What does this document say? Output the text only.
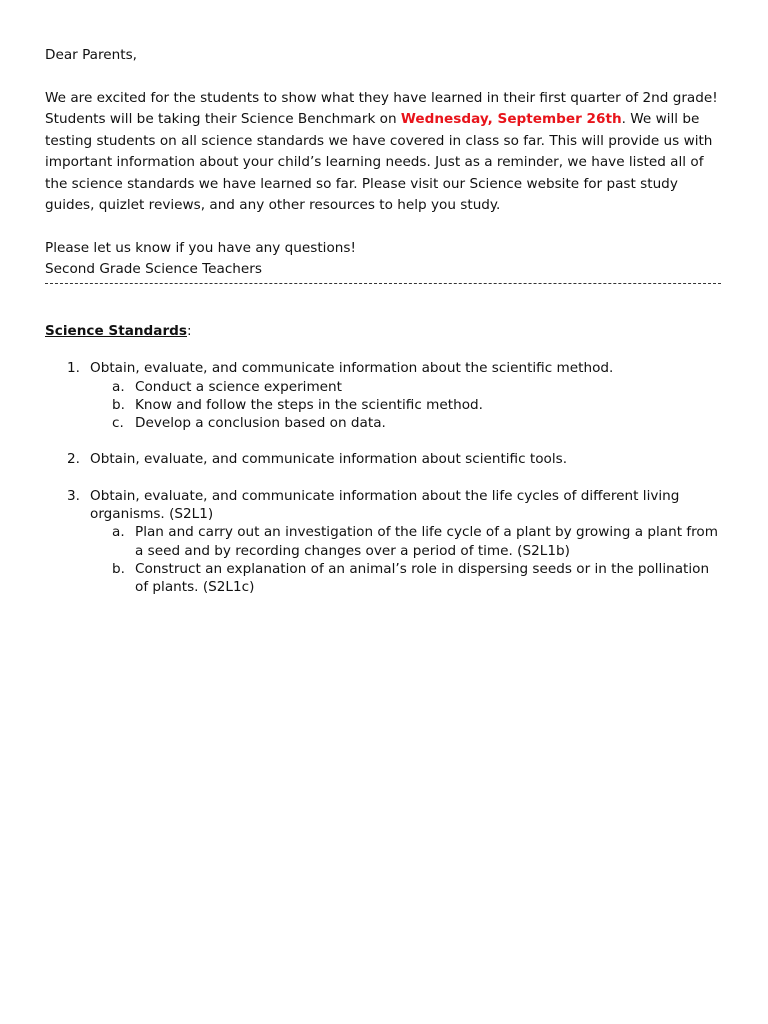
Dear Parents,

We are excited for the students to show what they have learned in their first quarter of 2nd grade! Students will be taking their Science Benchmark on Wednesday, September 26th. We will be testing students on all science standards we have covered in class so far. This will provide us with important information about your child’s learning needs. Just as a reminder, we have listed all of the science standards we have learned so far. Please visit our Science website for past study guides, quizlet reviews, and any other resources to help you study.

Please let us know if you have any questions!

Second Grade Science Teachers

Science Standards:

1. Obtain, evaluate, and communicate information about the scientific method.
a. Conduct a science experiment
b. Know and follow the steps in the scientific method.
c. Develop a conclusion based on data.
2. Obtain, evaluate, and communicate information about scientific tools.
3. Obtain, evaluate, and communicate information about the life cycles of different living organisms. (S2L1)
a. Plan and carry out an investigation of the life cycle of a plant by growing a plant from a seed and by recording changes over a period of time. (S2L1b)
b. Construct an explanation of an animal’s role in dispersing seeds or in the pollination of plants. (S2L1c)
